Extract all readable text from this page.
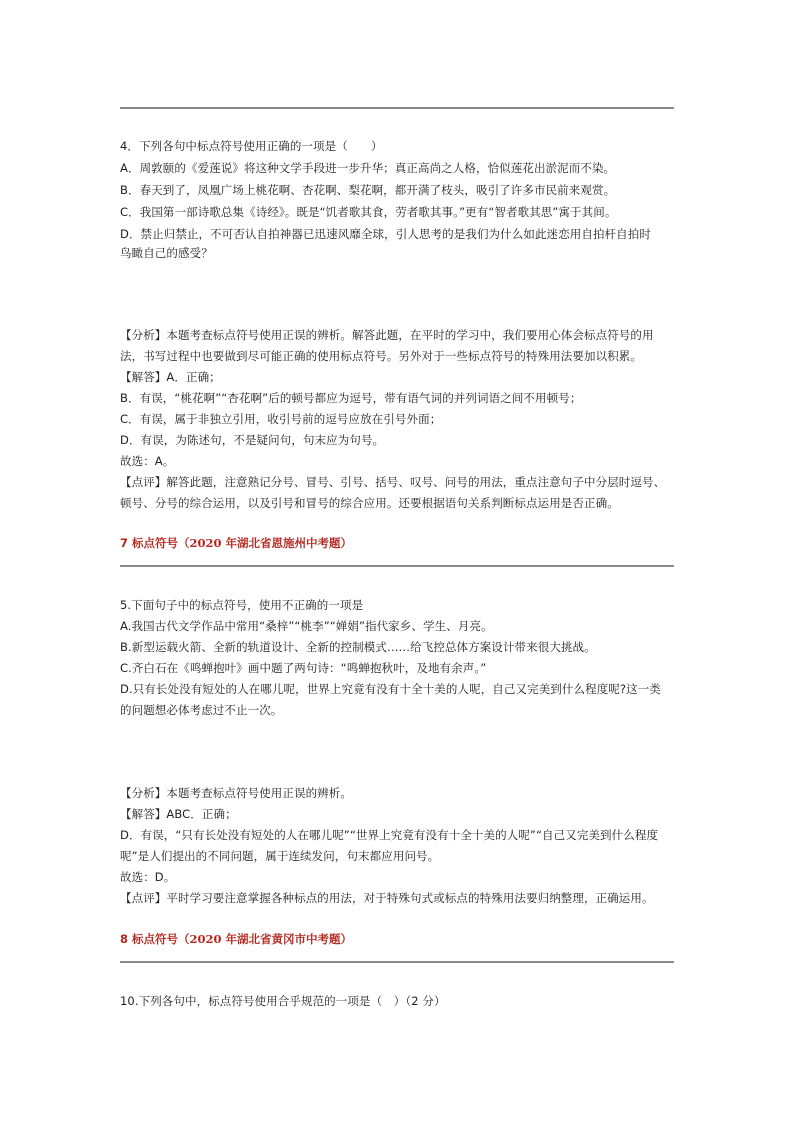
4．下列各句中标点符号使用正确的一项是（　　）
A．周敦颐的《爱莲说》将这种文学手段进一步升华；真正高尚之人格，恰似莲花出淤泥而不染。
B．春天到了，凤凰广场上桃花啊、杏花啊、梨花啊，都开满了枝头，吸引了许多市民前来观赏。
C．我国第一部诗歌总集《诗经》。既是“饥者歌其食，劳者歌其事。”更有“智者歌其思”寓于其间。
D．禁止归禁止，不可否认自拍神器已迅速风靡全球，引人思考的是我们为什么如此迷恋用自拍杆自拍时
鸟瞰自己的感受？
【分析】本题考查标点符号使用正误的辨析。解答此题，在平时的学习中，我们要用心体会标点符号的用
法，书写过程中也要做到尽可能正确的使用标点符号。另外对于一些标点符号的特殊用法要加以积累。
【解答】A．正确；
B．有误，“桃花啊”“杏花啊”后的顿号都应为逗号，带有语气词的并列词语之间不用顿号；
C．有误，属于非独立引用，收引号前的逗号应放在引号外面；
D．有误，为陈述句，不是疑问句，句末应为句号。
故选：A。
【点评】解答此题，注意熟记分号、冒号、引号、括号、叹号、问号的用法，重点注意句子中分层时逗号、
顿号、分号的综合运用，以及引号和冒号的综合应用。还要根据语句关系判断标点运用是否正确。
7 标点符号（2020 年湖北省恩施州中考题）
5.下面句子中的标点符号，使用不正确的一项是
A.我国古代文学作品中常用“桑梓”“桃李”“婵娟”指代家乡、学生、月亮。
B.新型运载火箭、全新的轨道设计、全新的控制模式……给飞控总体方案设计带来很大挑战。
C.齐白石在《鸣蝉抱叶》画中题了两句诗：“鸣蝉抱秋叶，及地有余声。”
D.只有长处没有短处的人在哪儿呢，世界上究竟有没有十全十美的人呢，自己又完美到什么程度呢?这一类
的问题想必体考虑过不止一次。
【分析】本题考查标点符号使用正误的辨析。
【解答】ABC．正确；
D．有误，“只有长处没有短处的人在哪儿呢”“世界上究竟有没有十全十美的人呢”“自己又完美到什么程度
呢”是人们提出的不同问题，属于连续发问，句末都应用问号。
故选：D。
【点评】平时学习要注意掌握各种标点的用法，对于特殊句式或标点的特殊用法要归纳整理，正确运用。
8 标点符号（2020 年湖北省黄冈市中考题）
10.下列各句中，标点符号使用合乎规范的一项是（　）（2 分）
